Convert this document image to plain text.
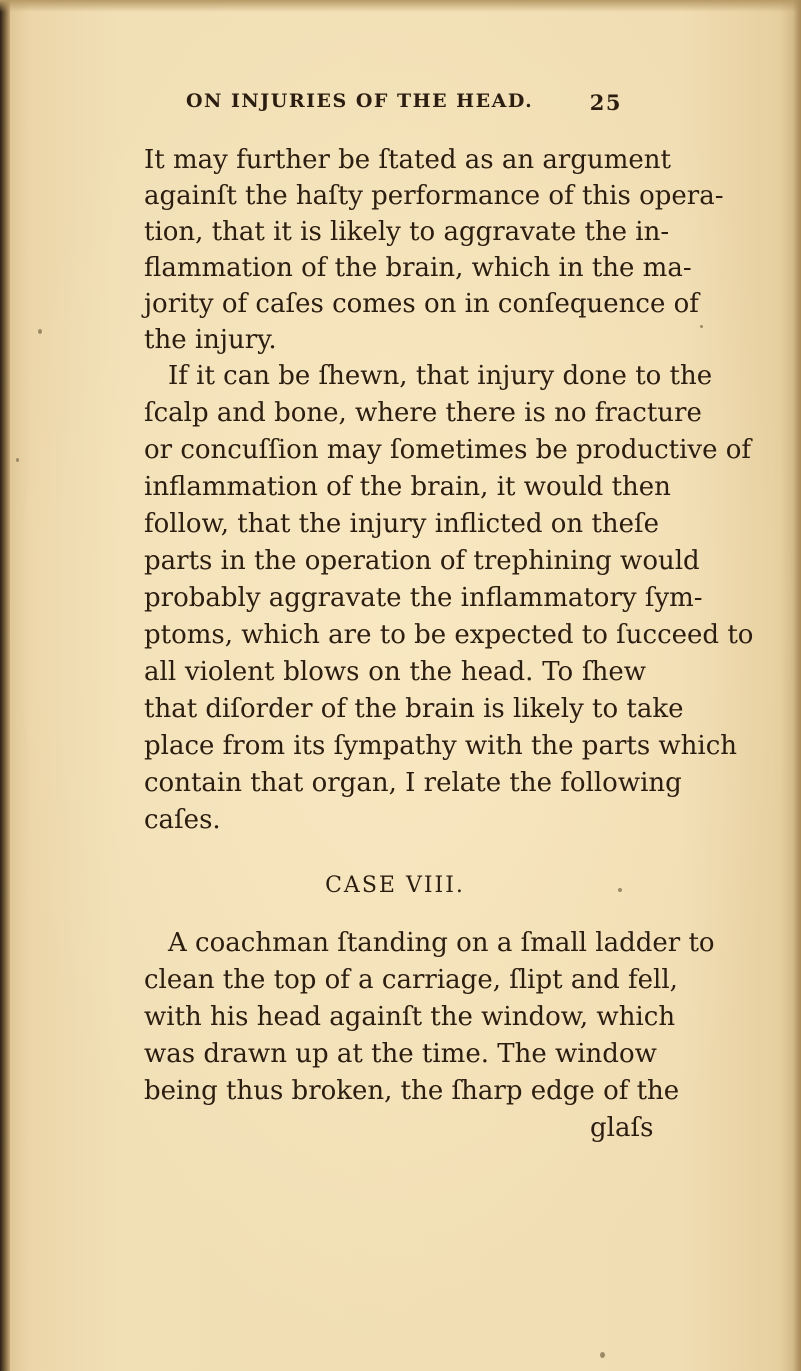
ON INJURIES OF THE HEAD.	25
It may further be ſtated as an argument
againſt the haſty performance of this opera-
tion, that it is likely to aggravate the in-
flammation of the brain, which in the ma-
jority of caſes comes on in conſequence of
the injury.
If it can be ſhewn, that injury done to the
ſcalp and bone, where there is no fracture
or concuſſion may ſometimes be productive of
inflammation of the brain, it would then
follow, that the injury inflicted on theſe
parts in the operation of trephining would
probably aggravate the inflammatory ſym-
ptoms, which are to be expected to ſucceed to
all violent blows on the head. To ſhew
that diſorder of the brain is likely to take
place from its ſympathy with the parts which
contain that organ, I relate the following
caſes.
CASE VIII.
A coachman ſtanding on a ſmall ladder to
clean the top of a carriage, ſlipt and fell,
with his head againſt the window, which
was drawn up at the time. The window
being thus broken, the ſharp edge of the
glaſs
